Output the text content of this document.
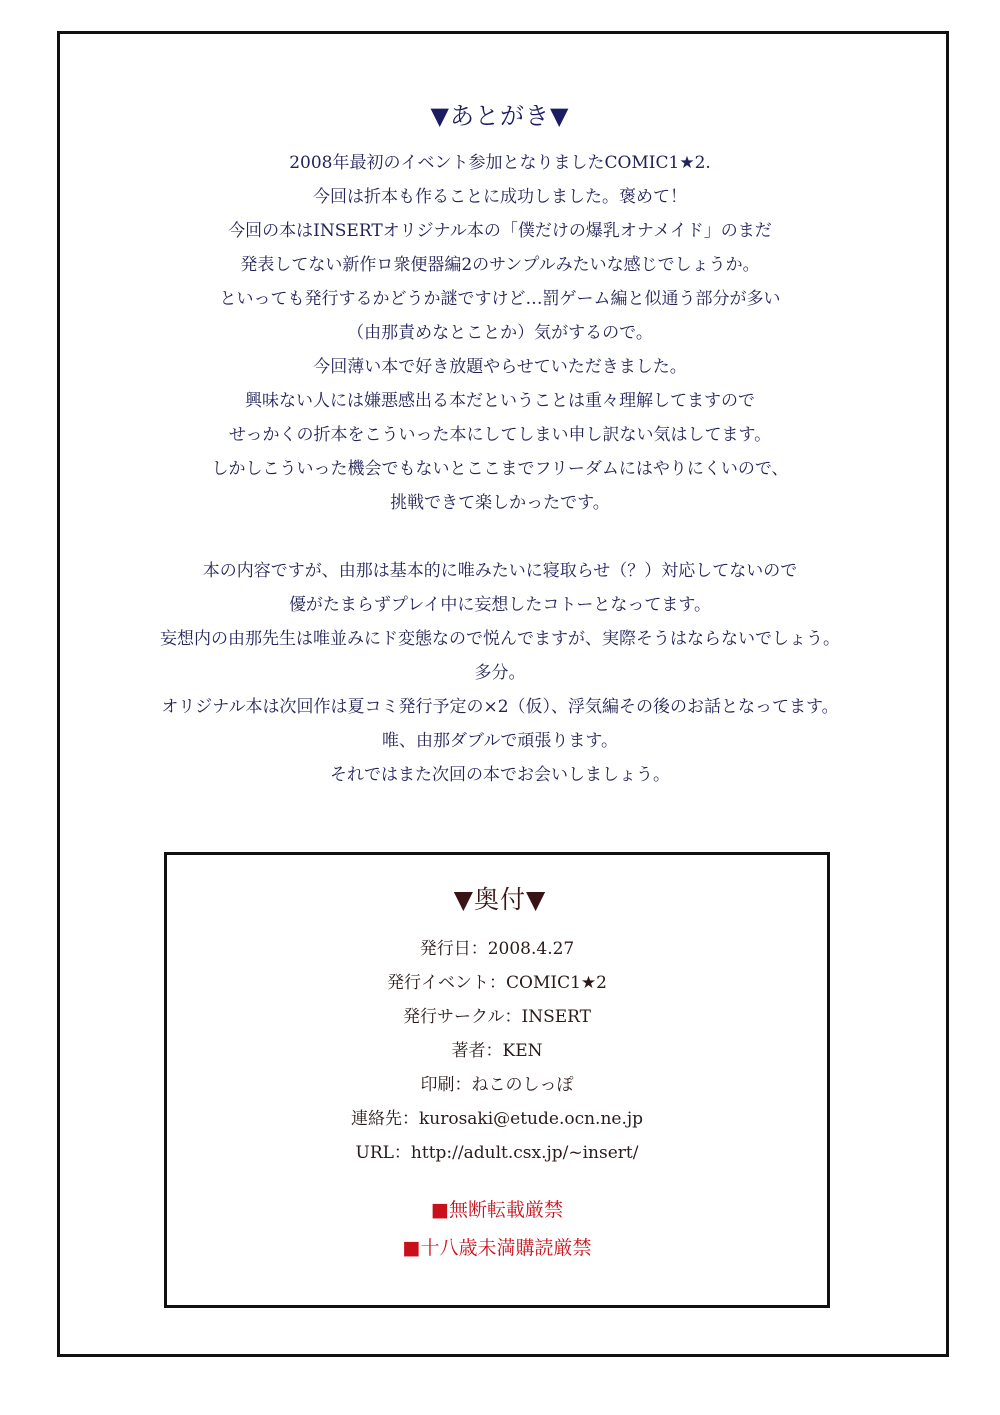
▼あとがき▼
2008年最初のイベント参加となりましたCOMIC1★2.
今回は折本も作ることに成功しました。褒めて！
今回の本はINSERTオリジナル本の「僕だけの爆乳オナメイド」のまだ
発表してない新作ロ衆便器編2のサンプルみたいな感じでしょうか。
といっても発行するかどうか謎ですけど…罰ゲーム編と似通う部分が多い
（由那責めなとことか）気がするので。
今回薄い本で好き放題やらせていただきました。
興味ない人には嫌悪感出る本だということは重々理解してますので
せっかくの折本をこういった本にしてしまい申し訳ない気はしてます。
しかしこういった機会でもないとここまでフリーダムにはやりにくいので、
挑戦できて楽しかったです。
本の内容ですが、由那は基本的に唯みたいに寝取らせ（？）対応してないので
優がたまらずプレイ中に妄想したコトーとなってます。
妄想内の由那先生は唯並みにド変態なので悦んでますが、実際そうはならないでしょう。
多分。
オリジナル本は次回作は夏コミ発行予定の×2（仮）、浮気編その後のお話となってます。
唯、由那ダブルで頑張ります。
それではまた次回の本でお会いしましょう。
▼奥付▼
発行日：2008.4.27
発行イベント：COMIC1★2
発行サークル：INSERT
著者：KEN
印刷：ねこのしっぽ
連絡先：kurosaki@etude.ocn.ne.jp
URL：http://adult.csx.jp/~insert/
■無断転載厳禁
■十八歳未満購読厳禁
